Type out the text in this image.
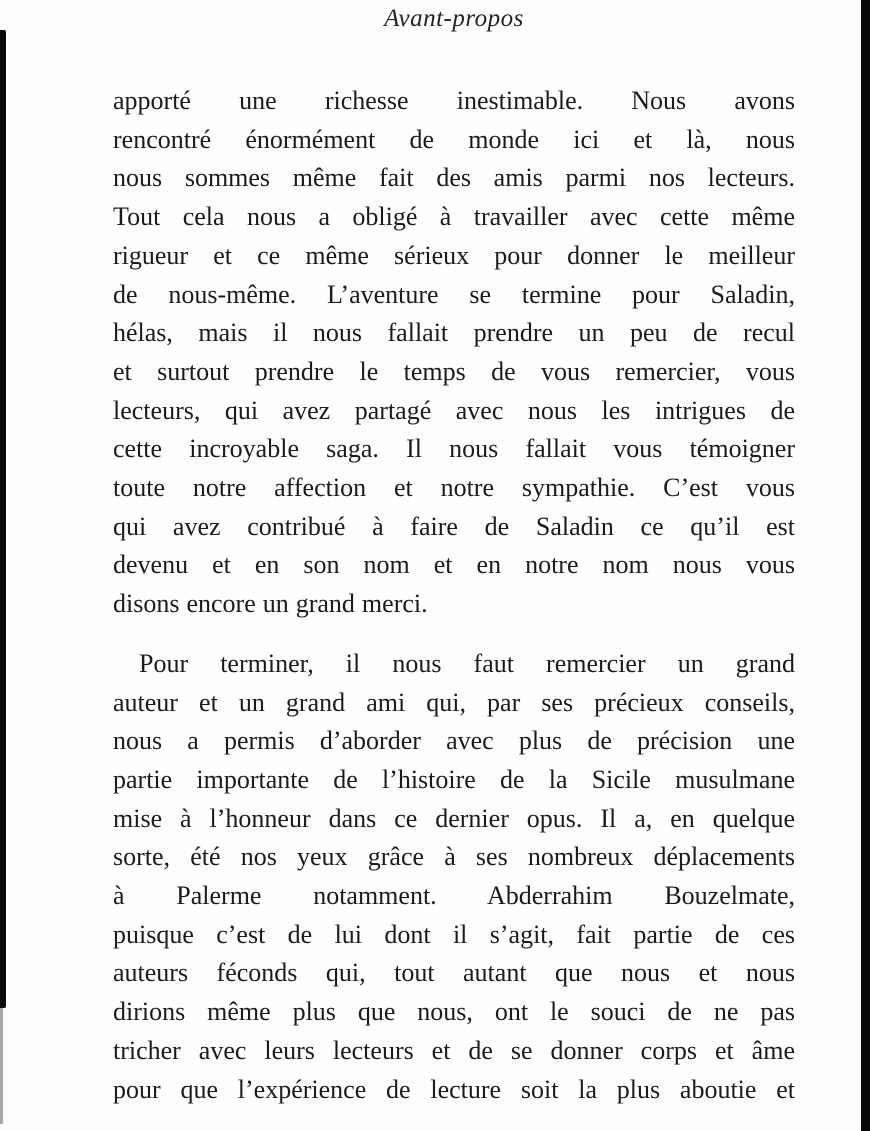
Avant-propos
apporté une richesse inestimable. Nous avons
rencontré énormément de monde ici et là, nous
nous sommes même fait des amis parmi nos lecteurs.
Tout cela nous a obligé à travailler avec cette même
rigueur et ce même sérieux pour donner le meilleur
de nous-même. L’aventure se termine pour Saladin,
hélas, mais il nous fallait prendre un peu de recul
et surtout prendre le temps de vous remercier, vous
lecteurs, qui avez partagé avec nous les intrigues de
cette incroyable saga. Il nous fallait vous témoigner
toute notre affection et notre sympathie. C’est vous
qui avez contribué à faire de Saladin ce qu’il est
devenu et en son nom et en notre nom nous vous
disons encore un grand merci.
Pour terminer, il nous faut remercier un grand
auteur et un grand ami qui, par ses précieux conseils,
nous a permis d’aborder avec plus de précision une
partie importante de l’histoire de la Sicile musulmane
mise à l’honneur dans ce dernier opus. Il a, en quelque
sorte, été nos yeux grâce à ses nombreux déplacements
à Palerme notamment. Abderrahim Bouzelmate,
puisque c’est de lui dont il s’agit, fait partie de ces
auteurs féconds qui, tout autant que nous et nous
dirions même plus que nous, ont le souci de ne pas
tricher avec leurs lecteurs et de se donner corps et âme
pour que l’expérience de lecture soit la plus aboutie et
